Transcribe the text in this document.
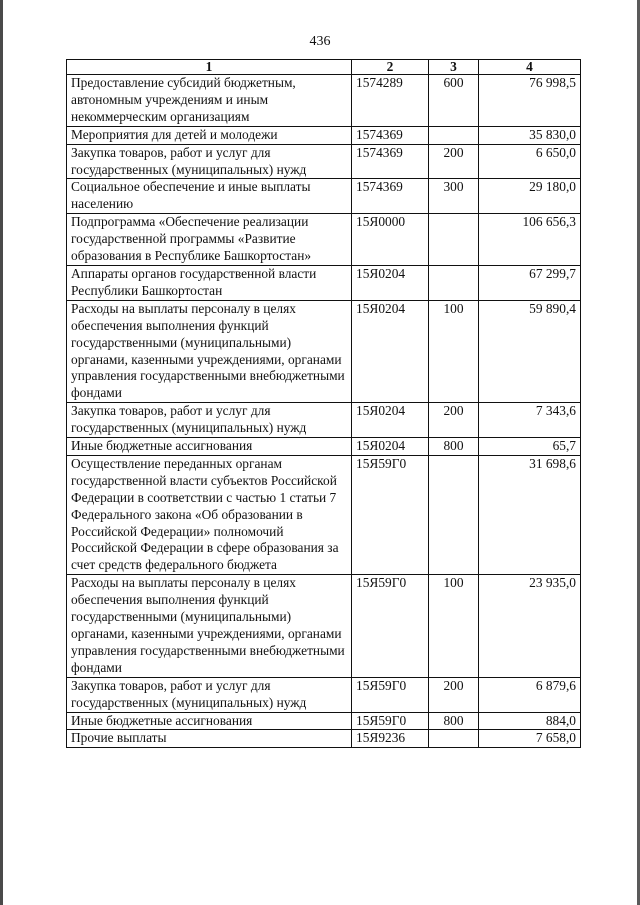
436
1	2	3	4
Предоставление субсидий бюджетным, автономным учреждениям и иным некоммерческим организациям	1574289	600	76 998,5
Мероприятия для детей и молодежи	1574369		35 830,0
Закупка товаров, работ и услуг для государственных (муниципальных) нужд	1574369	200	6 650,0
Социальное обеспечение и иные выплаты населению	1574369	300	29 180,0
Подпрограмма «Обеспечение реализации государственной программы «Развитие образования в Республике Башкортостан»	15Я0000		106 656,3
Аппараты органов государственной власти Республики Башкортостан	15Я0204		67 299,7
Расходы на выплаты персоналу в целях обеспечения выполнения функций государственными (муниципальными) органами, казенными учреждениями, органами управления государственными внебюджетными фондами	15Я0204	100	59 890,4
Закупка товаров, работ и услуг для государственных (муниципальных) нужд	15Я0204	200	7 343,6
Иные бюджетные ассигнования	15Я0204	800	65,7
Осуществление переданных органам государственной власти субъектов Российской Федерации в соответствии с частью 1 статьи 7 Федерального закона «Об образовании в Российской Федерации» полномочий Российской Федерации в сфере образования за счет средств федерального бюджета	15Я59Г0		31 698,6
Расходы на выплаты персоналу в целях обеспечения выполнения функций государственными (муниципальными) органами, казенными учреждениями, органами управления государственными внебюджетными фондами	15Я59Г0	100	23 935,0
Закупка товаров, работ и услуг для государственных (муниципальных) нужд	15Я59Г0	200	6 879,6
Иные бюджетные ассигнования	15Я59Г0	800	884,0
Прочие выплаты	15Я9236		7 658,0
